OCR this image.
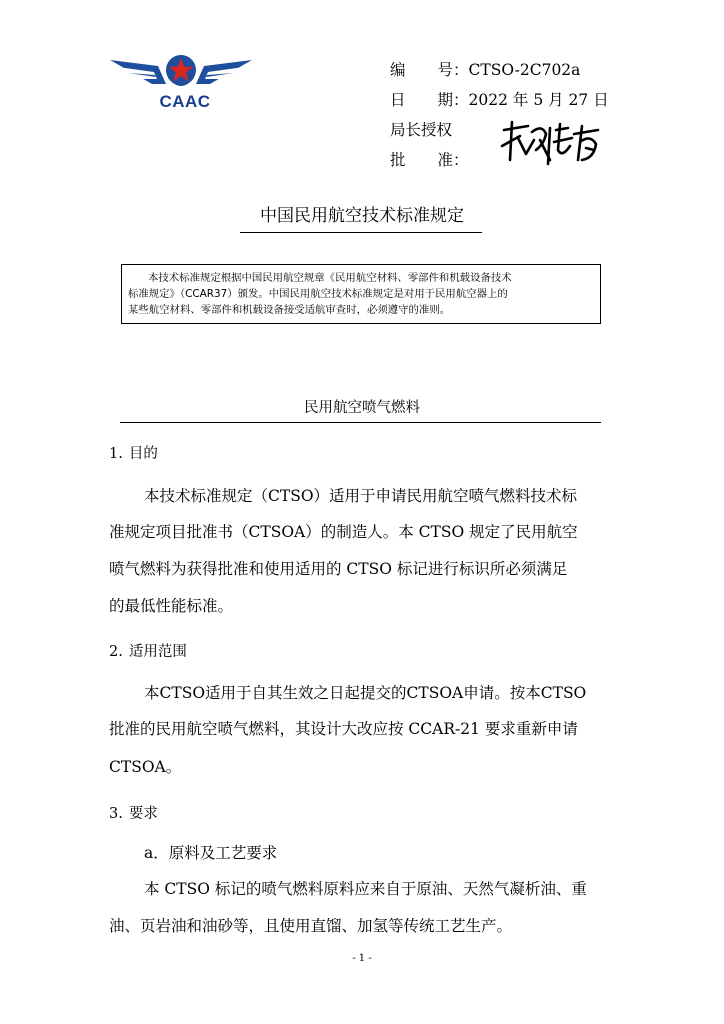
CAAC
编 号：CTSO-2C702a
日 期：2022 年 5 月 27 日
局长授权
批 准：
中国民用航空技术标准规定
本技术标准规定根据中国民用航空规章《民用航空材料、零部件和机载设备技术
标准规定》（CCAR37）颁发。中国民用航空技术标准规定是对用于民用航空器上的
某些航空材料、零部件和机载设备接受适航审查时，必须遵守的准则。
民用航空喷气燃料
1. 目的
本技术标准规定（CTSO）适用于申请民用航空喷气燃料技术标
准规定项目批准书（CTSOA）的制造人。本 CTSO 规定了民用航空
喷气燃料为获得批准和使用适用的 CTSO 标记进行标识所必须满足
的最低性能标准。
2. 适用范围
本CTSO适用于自其生效之日起提交的CTSOA申请。按本CTSO
批准的民用航空喷气燃料，其设计大改应按 CCAR-21 要求重新申请
CTSOA。
3. 要求
a．原料及工艺要求
本 CTSO 标记的喷气燃料原料应来自于原油、天然气凝析油、重
油、页岩油和油砂等，且使用直馏、加氢等传统工艺生产。
- 1 -
